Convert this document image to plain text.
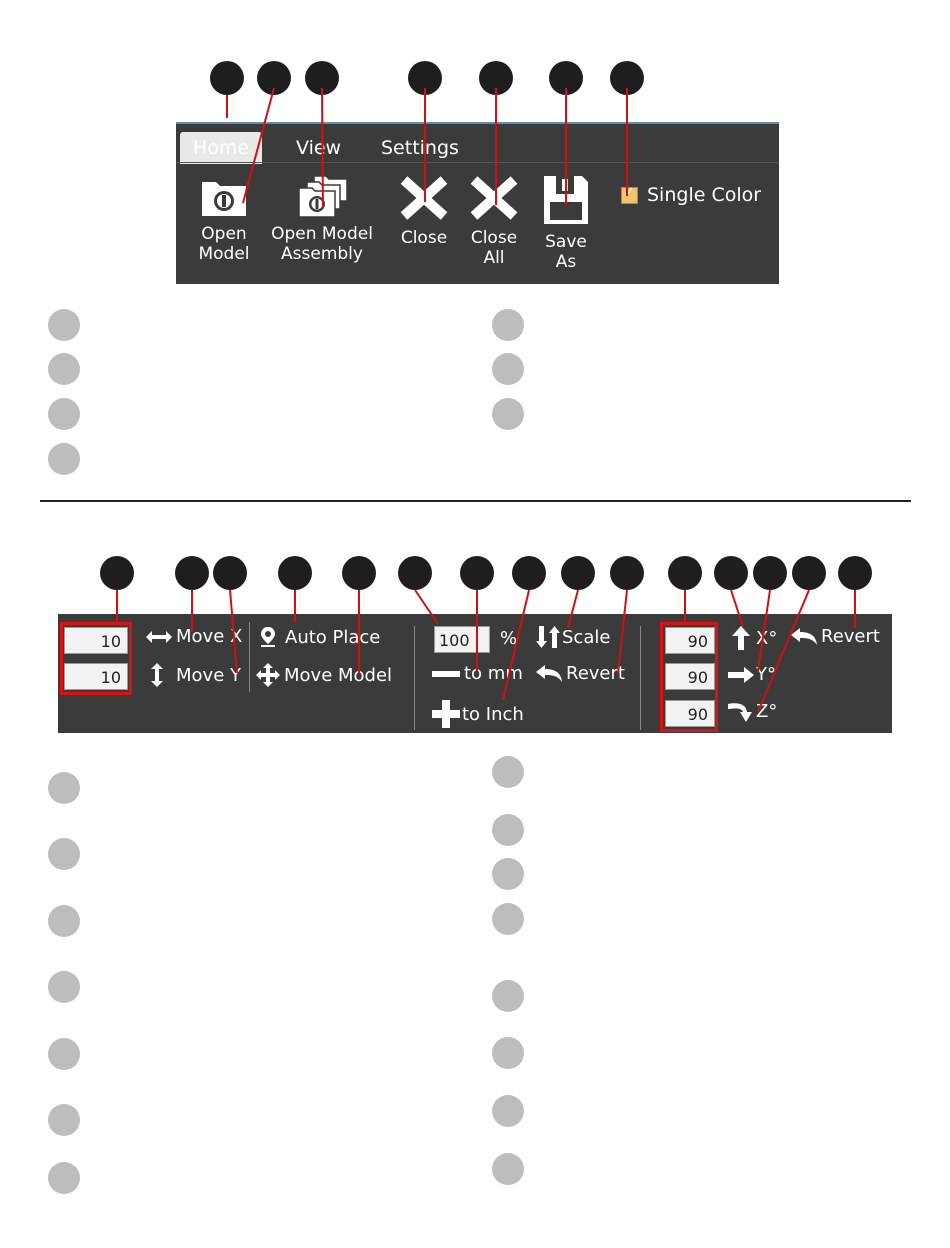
Home	View Settings
Open
Model
Open Model
Assembly
Close	Close
All
Save
As
✓
Single Color
10
10
Move X
Move Y
Auto Place
Move Model
100	% Scale
to mm Revert
to Inch
90
90
90
X°
Y°
Z°
Revert
